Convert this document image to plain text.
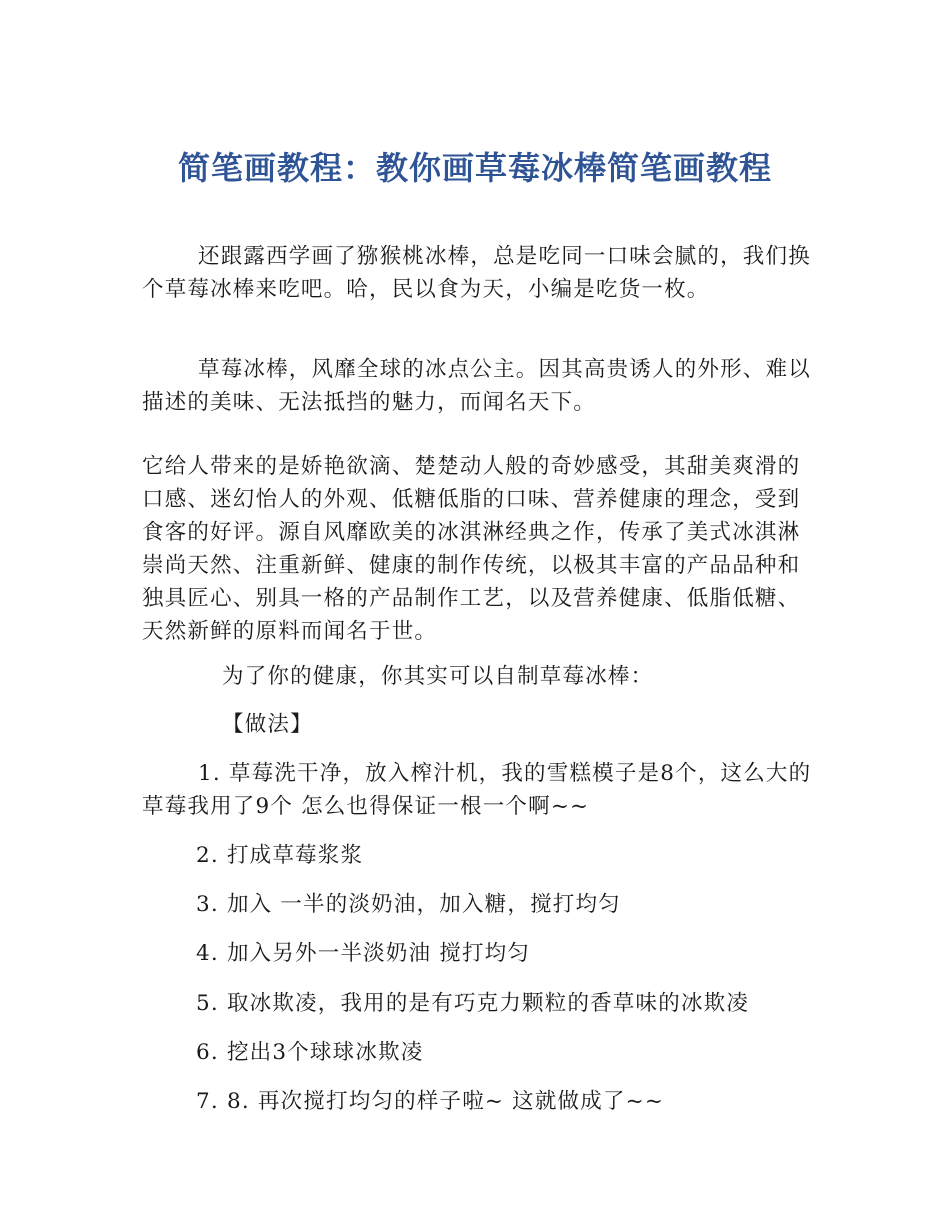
简笔画教程：教你画草莓冰棒简笔画教程

还跟露西学画了猕猴桃冰棒，总是吃同一口味会腻的，我们换个草莓冰棒来吃吧。哈，民以食为天，小编是吃货一枚。

草莓冰棒，风靡全球的冰点公主。因其高贵诱人的外形、难以描述的美味、无法抵挡的魅力，而闻名天下。

它给人带来的是娇艳欲滴、楚楚动人般的奇妙感受，其甜美爽滑的口感、迷幻怡人的外观、低糖低脂的口味、营养健康的理念，受到食客的好评。源自风靡欧美的冰淇淋经典之作，传承了美式冰淇淋崇尚天然、注重新鲜、健康的制作传统，以极其丰富的产品品种和独具匠心、别具一格的产品制作工艺，以及营养健康、低脂低糖、天然新鲜的原料而闻名于世。

为了你的健康，你其实可以自制草莓冰棒：
【做法】

1. 草莓洗干净，放入榨汁机，我的雪糕模子是8个，这么大的草莓我用了9个 怎么也得保证一根一个啊~~

2. 打成草莓浆浆
3. 加入 一半的淡奶油，加入糖，搅打均匀
4. 加入另外一半淡奶油 搅打均匀
5. 取冰欺凌，我用的是有巧克力颗粒的香草味的冰欺凌
6. 挖出3个球球冰欺凌
7. 8. 再次搅打均匀的样子啦~ 这就做成了~~
